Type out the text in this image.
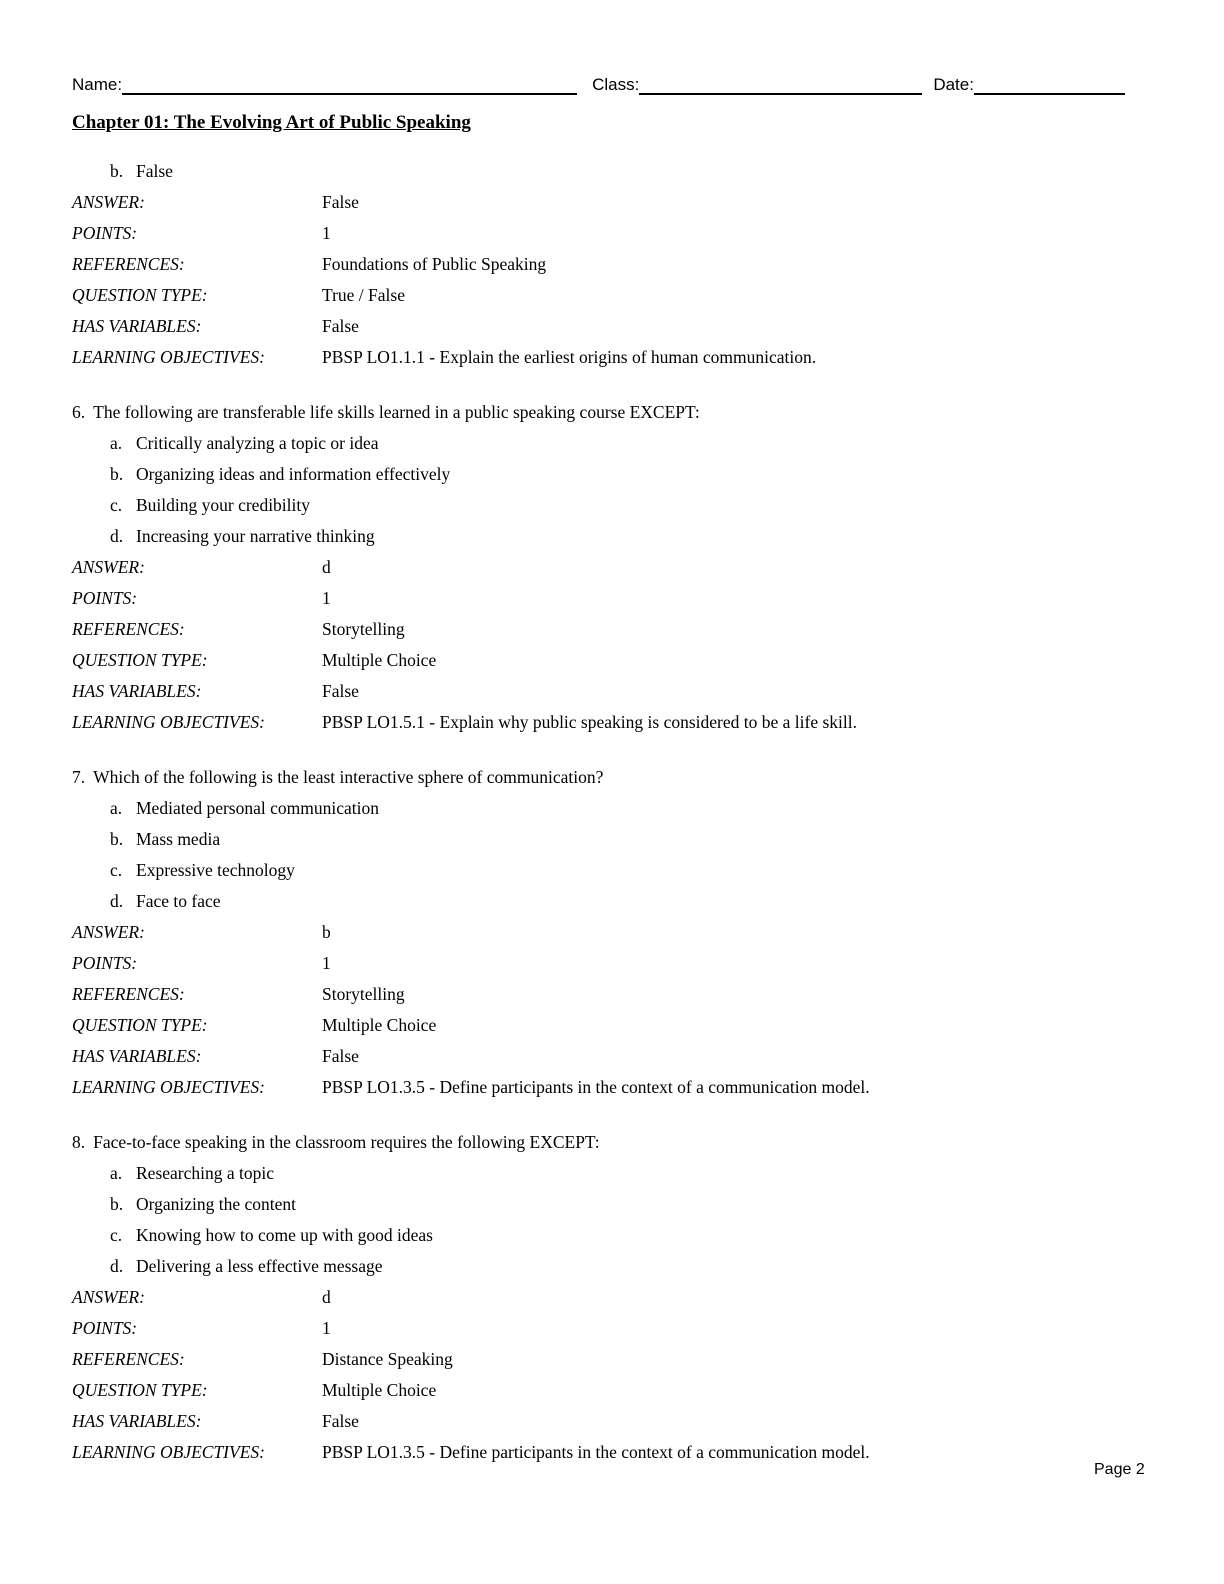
Name:	Class:	Date:
Chapter 01: The Evolving Art of Public Speaking
b. False
ANSWER:	False
POINTS:	1
REFERENCES:	Foundations of Public Speaking
QUESTION TYPE:	True / False
HAS VARIABLES:	False
LEARNING OBJECTIVES:	PBSP LO1.1.1 - Explain the earliest origins of human communication.
6. The following are transferable life skills learned in a public speaking course EXCEPT:
a. Critically analyzing a topic or idea
b. Organizing ideas and information effectively
c. Building your credibility
d. Increasing your narrative thinking
ANSWER:	d
POINTS:	1
REFERENCES:	Storytelling
QUESTION TYPE:	Multiple Choice
HAS VARIABLES:	False
LEARNING OBJECTIVES:	PBSP LO1.5.1 - Explain why public speaking is considered to be a life skill.
7. Which of the following is the least interactive sphere of communication?
a. Mediated personal communication
b. Mass media
c. Expressive technology
d. Face to face
ANSWER:	b
POINTS:	1
REFERENCES:	Storytelling
QUESTION TYPE:	Multiple Choice
HAS VARIABLES:	False
LEARNING OBJECTIVES:	PBSP LO1.3.5 - Define participants in the context of a communication model.
8. Face-to-face speaking in the classroom requires the following EXCEPT:
a. Researching a topic
b. Organizing the content
c. Knowing how to come up with good ideas
d. Delivering a less effective message
ANSWER:	d
POINTS:	1
REFERENCES:	Distance Speaking
QUESTION TYPE:	Multiple Choice
HAS VARIABLES:	False
LEARNING OBJECTIVES:	PBSP LO1.3.5 - Define participants in the context of a communication model.
Page 2
